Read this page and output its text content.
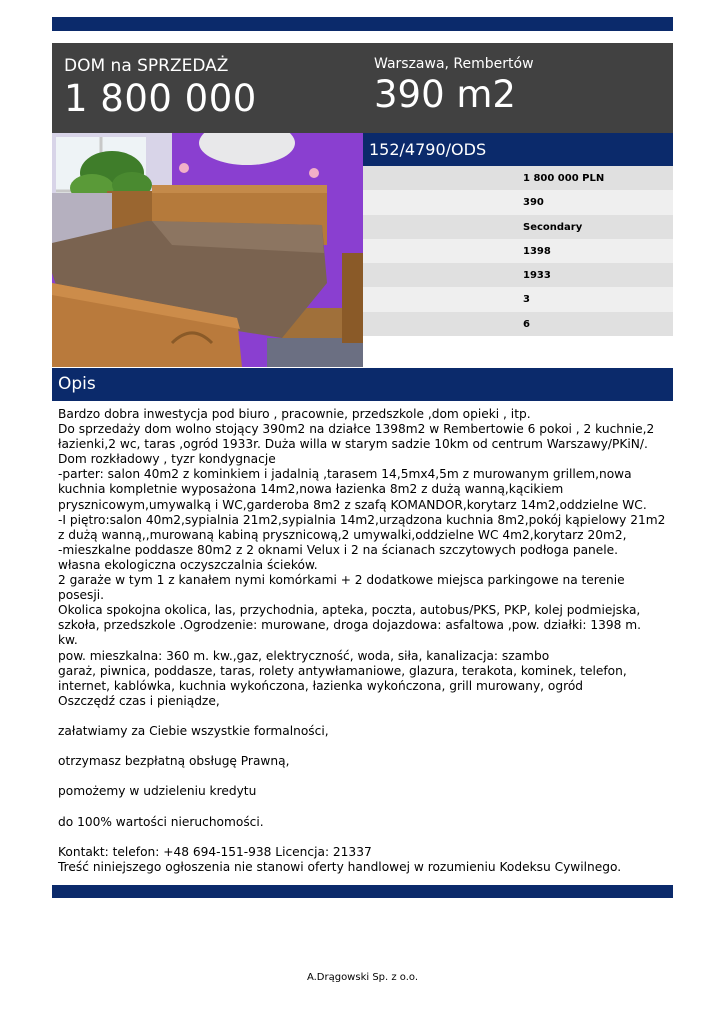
DOM na SPRZEDAŻ
1 800 000
Warszawa, Rembertów
390 m2
152/4790/ODS
1 800 000 PLN
390
Secondary
1398
1933
3
6
Opis

Bardzo dobra inwestycja pod biuro , pracownie, przedszkole ,dom opieki , itp.

Do sprzedaży dom wolno stojący 390m2 na działce 1398m2 w Rembertowie 6 pokoi , 2 kuchnie,2

łazienki,2 wc, taras ,ogród 1933r. Duża willa w starym sadzie 10km od centrum Warszawy/PKiN/.

Dom rozkładowy , tyzr kondygnacje

-parter: salon 40m2 z kominkiem i jadalnią ,tarasem 14,5mx4,5m z murowanym grillem,nowa

kuchnia kompletnie wyposażona 14m2,nowa łazienka 8m2 z dużą wanną,kącikiem

prysznicowym,umywalką i WC,garderoba 8m2 z szafą KOMANDOR,korytarz 14m2,oddzielne WC.

-I piętro:salon 40m2,sypialnia 21m2,sypialnia 14m2,urządzona kuchnia 8m2,pokój kąpielowy 21m2

z dużą wanną,,murowaną kabiną prysznicową,2 umywalki,oddzielne WC 4m2,korytarz 20m2,

-mieszkalne poddasze 80m2 z 2 oknami Velux i 2 na ścianach szczytowych podłoga panele.

własna ekologiczna oczyszczalnia ścieków.

2 garaże w tym 1 z kanałem nymi komórkami + 2 dodatkowe miejsca parkingowe na terenie

posesji.

Okolica spokojna okolica, las, przychodnia, apteka, poczta, autobus/PKS, PKP, kolej podmiejska,

szkoła, przedszkole .Ogrodzenie: murowane, droga dojazdowa: asfaltowa ,pow. działki: 1398 m.

kw.

pow. mieszkalna: 360 m. kw.,gaz, elektryczność, woda, siła, kanalizacja: szambo

garaż, piwnica, poddasze, taras, rolety antywłamaniowe, glazura, terakota, kominek, telefon,

internet, kablówka, kuchnia wykończona, łazienka wykończona, grill murowany, ogród

Oszczędź czas i pieniądze,

załatwiamy za Ciebie wszystkie formalności,

otrzymasz bezpłatną obsługę Prawną,

pomożemy w udzieleniu kredytu

do 100% wartości nieruchomości.

Kontakt: telefon: +48 694-151-938 Licencja: 21337

Treść niniejszego ogłoszenia nie stanowi oferty handlowej w rozumieniu Kodeksu Cywilnego.

A.Drągowski Sp. z o.o.
